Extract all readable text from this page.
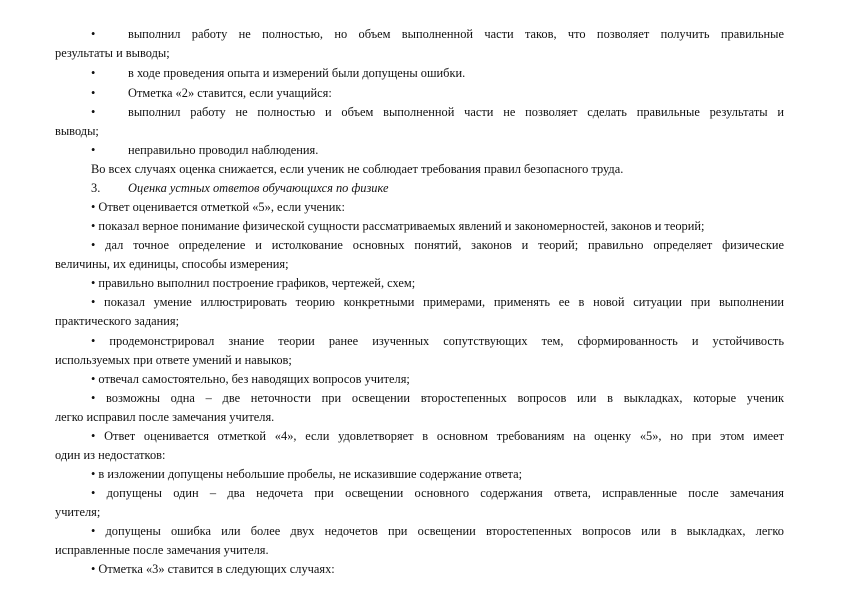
•	выполнил работу не полностью, но объем выполненной части таков, что позволяет получить правильные
результаты и выводы;
•	в ходе проведения опыта и измерений были допущены ошибки.
•	Отметка «2» ставится, если учащийся:
•	выполнил работу не полностью и объем выполненной части не позволяет сделать правильные результаты и
выводы;
•	неправильно проводил наблюдения.
Во всех случаях оценка снижается, если ученик не соблюдает требования правил безопасного труда.
3. Оценка устных ответов обучающихся по физике
• Ответ оценивается отметкой «5», если ученик:
• показал верное понимание физической сущности рассматриваемых явлений и закономерностей, законов и теорий;
• дал точное определение и истолкование основных понятий, законов и теорий; правильно определяет физические
величины, их единицы, способы измерения;
• правильно выполнил построение графиков, чертежей, схем;
• показал умение иллюстрировать теорию конкретными примерами, применять ее в новой ситуации при выполнении
практического задания;
• продемонстрировал знание теории ранее изученных сопутствующих тем, сформированность и устойчивость
используемых при ответе умений и навыков;
• отвечал самостоятельно, без наводящих вопросов учителя;
• возможны одна – две неточности при освещении второстепенных вопросов или в выкладках, которые ученик
легко исправил после замечания учителя.
• Ответ оценивается отметкой «4», если удовлетворяет в основном требованиям на оценку «5», но при этом имеет
один из недостатков:
• в изложении допущены небольшие пробелы, не исказившие содержание ответа;
• допущены один – два недочета при освещении основного содержания ответа, исправленные после замечания
учителя;
• допущены ошибка или более двух недочетов при освещении второстепенных вопросов или в выкладках, легко
исправленные после замечания учителя.
• Отметка «3» ставится в следующих случаях:
